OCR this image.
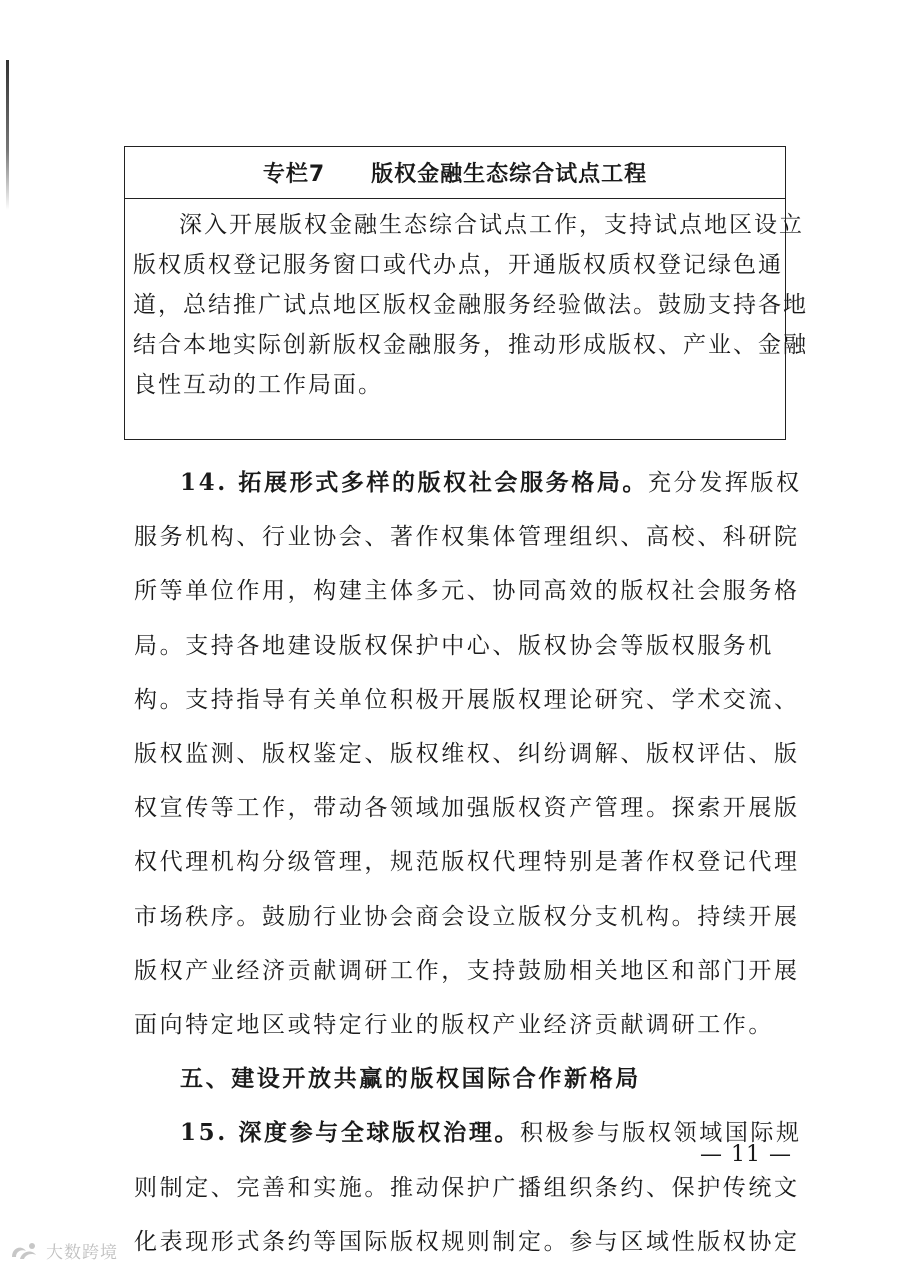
专栏7　　版权金融生态综合试点工程
深入开展版权金融生态综合试点工作，支持试点地区设立
版权质权登记服务窗口或代办点，开通版权质权登记绿色通
道，总结推广试点地区版权金融服务经验做法。鼓励支持各地
结合本地实际创新版权金融服务，推动形成版权、产业、金融
良性互动的工作局面。
14. 拓展形式多样的版权社会服务格局。充分发挥版权
服务机构、行业协会、著作权集体管理组织、高校、科研院
所等单位作用，构建主体多元、协同高效的版权社会服务格
局。支持各地建设版权保护中心、版权协会等版权服务机
构。支持指导有关单位积极开展版权理论研究、学术交流、
版权监测、版权鉴定、版权维权、纠纷调解、版权评估、版
权宣传等工作，带动各领域加强版权资产管理。探索开展版
权代理机构分级管理，规范版权代理特别是著作权登记代理
市场秩序。鼓励行业协会商会设立版权分支机构。持续开展
版权产业经济贡献调研工作，支持鼓励相关地区和部门开展
面向特定地区或特定行业的版权产业经济贡献调研工作。
五、建设开放共赢的版权国际合作新格局
15. 深度参与全球版权治理。积极参与版权领域国际规
则制定、完善和实施。推动保护广播组织条约、保护传统文
化表现形式条约等国际版权规则制定。参与区域性版权协定
— 11 —
大数跨境
